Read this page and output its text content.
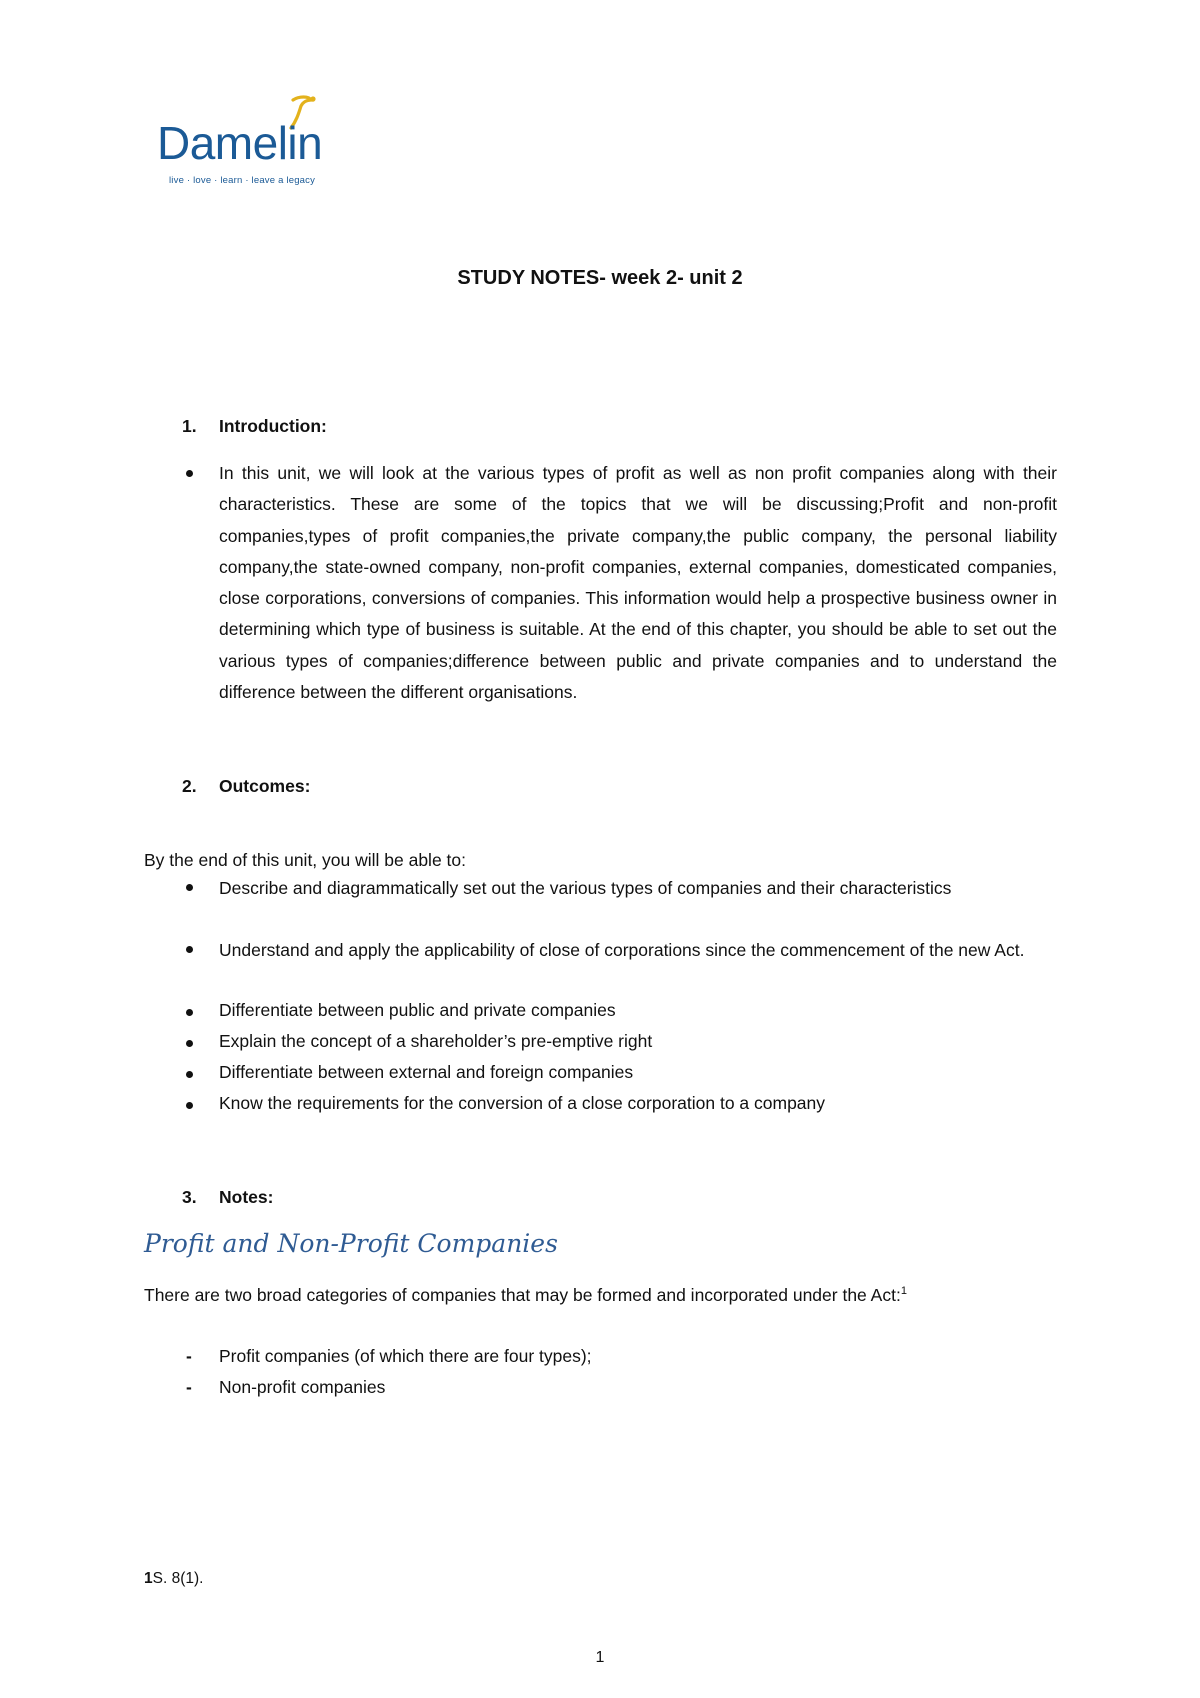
Damelin
live · love · learn · leave a legacy
STUDY NOTES- week 2- unit 2
1. Introduction:
In this unit, we will look at the various types of profit as well as non profit companies along with their characteristics. These are some of the topics that we will be discussing;Profit and non-profit companies,types of profit companies,the private company,the public company, the personal liability company,the state-owned company, non-profit companies, external companies, domesticated companies, close corporations, conversions of companies. This information would help a prospective business owner in determining which type of business is suitable. At the end of this chapter, you should be able to set out the various types of companies;difference between public and private companies and to understand the difference between the different organisations.
2. Outcomes:
By the end of this unit, you will be able to:
Describe and diagrammatically set out the various types of companies and their characteristics
Understand and apply the applicability of close of corporations since the commencement of the new Act.
Differentiate between public and private companies
Explain the concept of a shareholder’s pre-emptive right
Differentiate between external and foreign companies
Know the requirements for the conversion of a close corporation to a company
3. Notes:
Profit and Non-Profit Companies
There are two broad categories of companies that may be formed and incorporated under the Act:$^1$
- Profit companies (of which there are four types);
- Non-profit companies
1S. 8(1).
1
